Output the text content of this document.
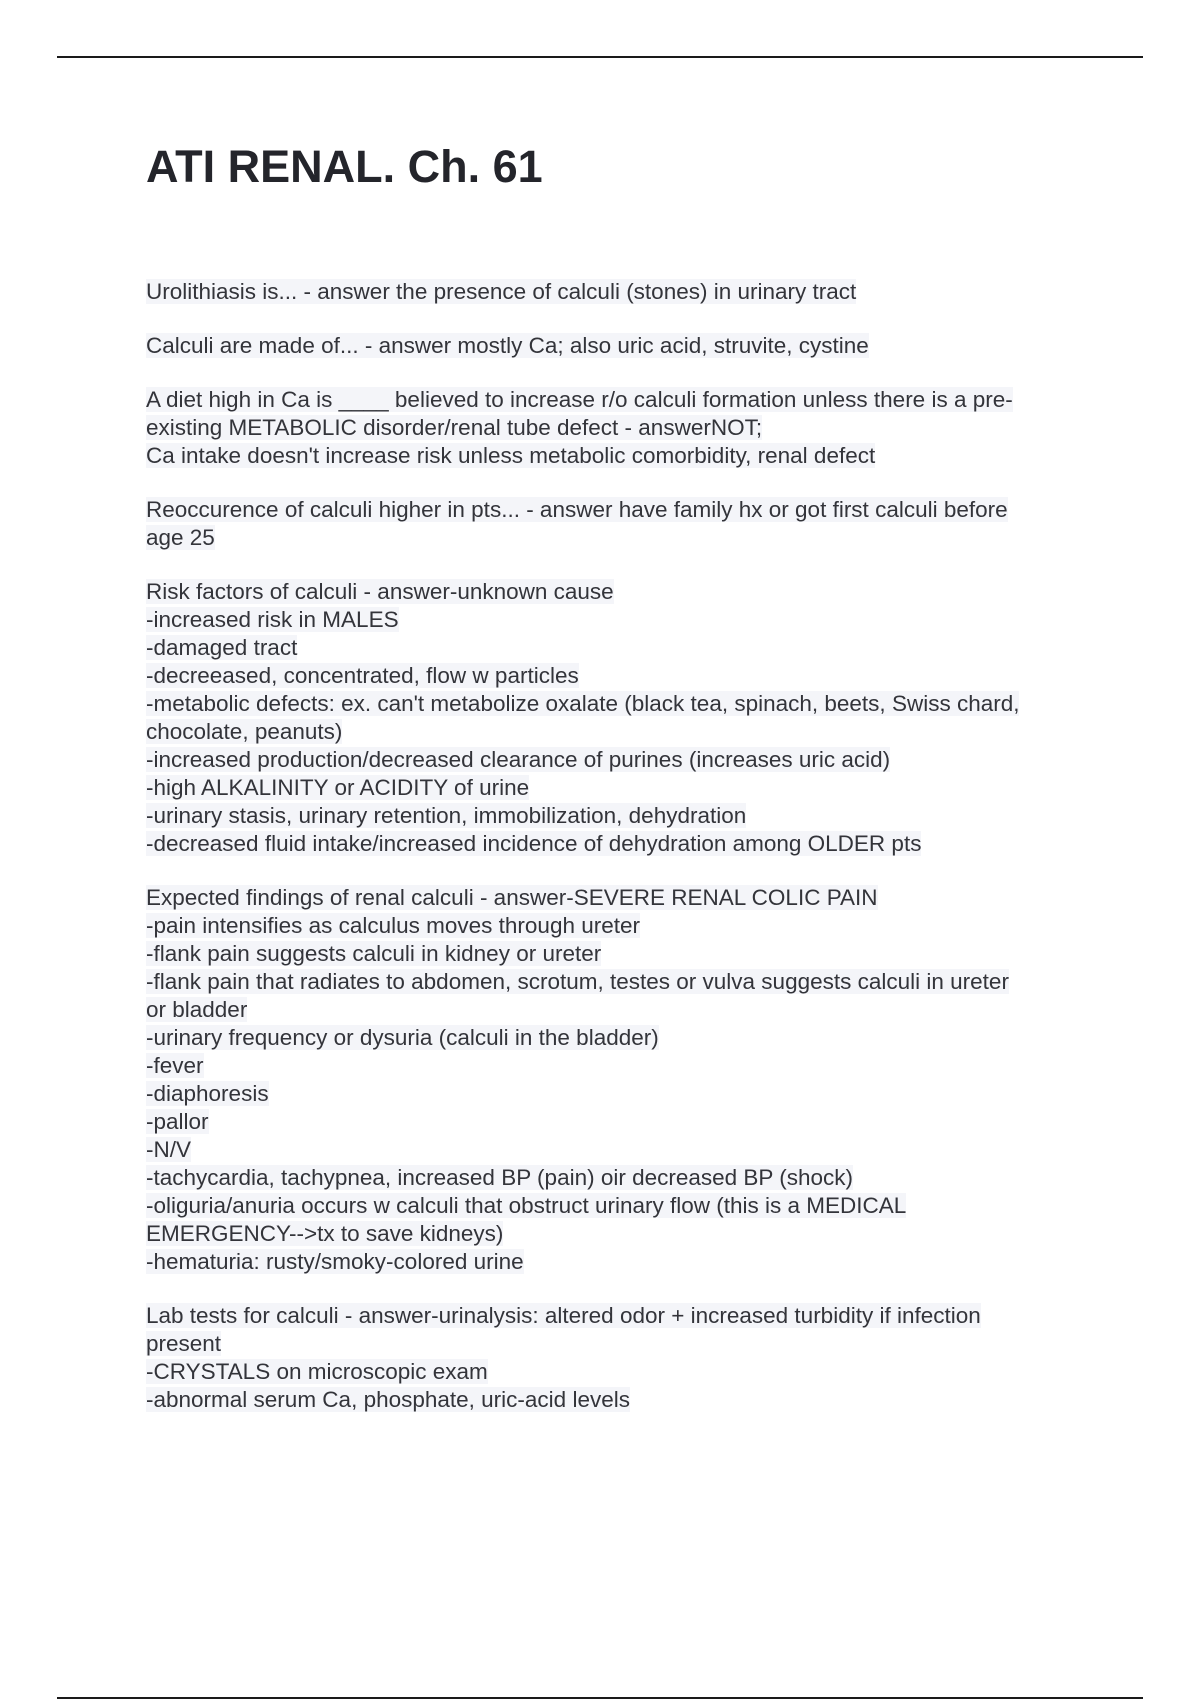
ATI RENAL. Ch. 61
Urolithiasis is... - answer the presence of calculi (stones) in urinary tract
Calculi are made of... - answer mostly Ca; also uric acid, struvite, cystine
A diet high in Ca is ____ believed to increase r/o calculi formation unless there is a pre-
existing METABOLIC disorder/renal tube defect - answerNOT;
Ca intake doesn't increase risk unless metabolic comorbidity, renal defect
Reoccurence of calculi higher in pts... - answer have family hx or got first calculi before
age 25
Risk factors of calculi - answer-unknown cause
-increased risk in MALES
-damaged tract
-decreeased, concentrated, flow w particles
-metabolic defects: ex. can't metabolize oxalate (black tea, spinach, beets, Swiss chard,
chocolate, peanuts)
-increased production/decreased clearance of purines (increases uric acid)
-high ALKALINITY or ACIDITY of urine
-urinary stasis, urinary retention, immobilization, dehydration
-decreased fluid intake/increased incidence of dehydration among OLDER pts
Expected findings of renal calculi - answer-SEVERE RENAL COLIC PAIN
-pain intensifies as calculus moves through ureter
-flank pain suggests calculi in kidney or ureter
-flank pain that radiates to abdomen, scrotum, testes or vulva suggests calculi in ureter
or bladder
-urinary frequency or dysuria (calculi in the bladder)
-fever
-diaphoresis
-pallor
-N/V
-tachycardia, tachypnea, increased BP (pain) oir decreased BP (shock)
-oliguria/anuria occurs w calculi that obstruct urinary flow (this is a MEDICAL
EMERGENCY-->tx to save kidneys)
-hematuria: rusty/smoky-colored urine
Lab tests for calculi - answer-urinalysis: altered odor + increased turbidity if infection
present
-CRYSTALS on microscopic exam
-abnormal serum Ca, phosphate, uric-acid levels
